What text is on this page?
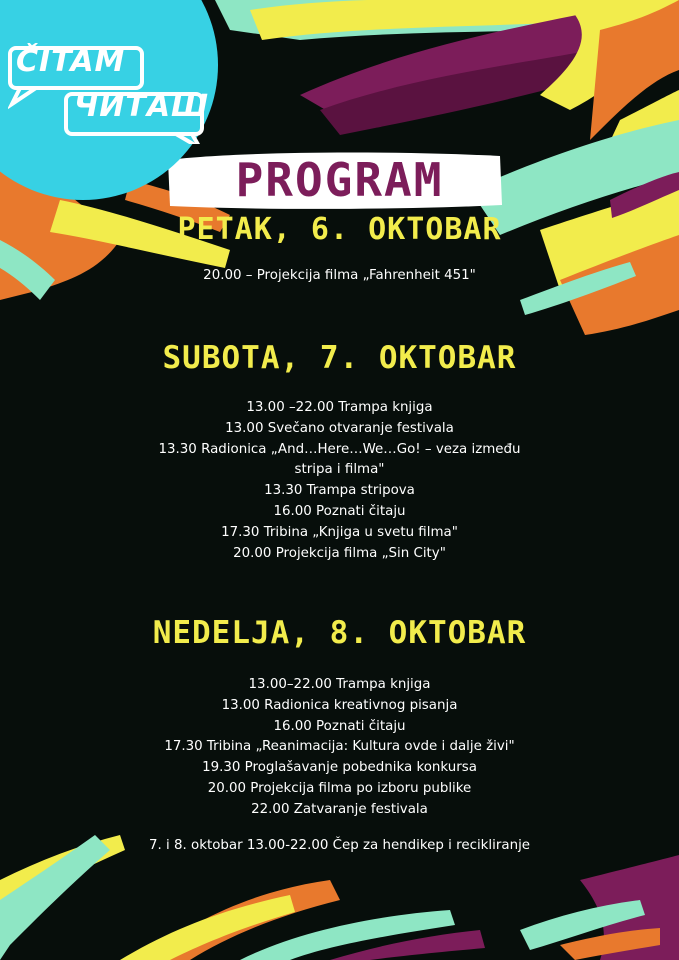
ČITAM
ЧИТАШ
PROGRAM
PETAK, 6. OKTOBAR
20.00 – Projekcija filma „Fahrenheit 451"
SUBOTA, 7. OKTOBAR
13.00 –22.00 Trampa knjiga
13.00 Svečano otvaranje festivala
13.30 Radionica „And…Here…We…Go! – veza između
stripa i filma"
13.30 Trampa stripova
16.00 Poznati čitaju
17.30 Tribina „Knjiga u svetu filma"
20.00 Projekcija filma „Sin City"
NEDELJA, 8. OKTOBAR
13.00–22.00 Trampa knjiga
13.00 Radionica kreativnog pisanja
16.00 Poznati čitaju
17.30 Tribina „Reanimacija: Kultura ovde i dalje živi"
19.30 Proglašavanje pobednika konkursa
20.00 Projekcija filma po izboru publike
22.00 Zatvaranje festivala
7. i 8. oktobar 13.00-22.00 Čep za hendikep i recikliranje
